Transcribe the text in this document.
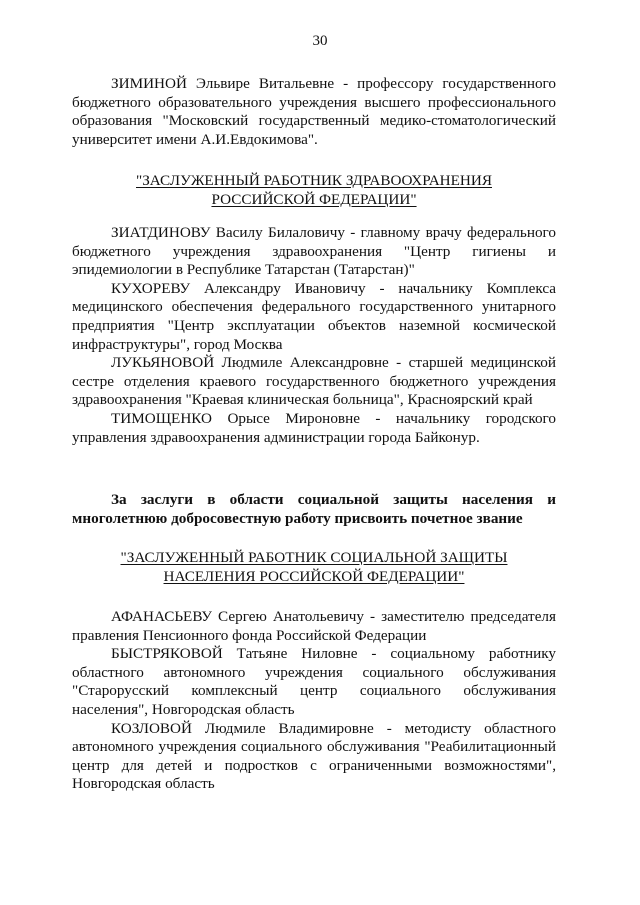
30
ЗИМИНОЙ Эльвире Витальевне - профессору государственного бюджетного образовательного учреждения высшего профессионального образования "Московский государственный медико-стоматологический университет имени А.И.Евдокимова".
"ЗАСЛУЖЕННЫЙ РАБОТНИК ЗДРАВООХРАНЕНИЯ
РОССИЙСКОЙ ФЕДЕРАЦИИ"
ЗИАТДИНОВУ Василу Билаловичу - главному врачу федерального бюджетного учреждения здравоохранения "Центр гигиены и эпидемиологии в Республике Татарстан (Татарстан)"
КУХОРЕВУ Александру Ивановичу - начальнику Комплекса медицинского обеспечения федерального государственного унитарного предприятия "Центр эксплуатации объектов наземной космической инфраструктуры", город Москва
ЛУКЬЯНОВОЙ Людмиле Александровне - старшей медицинской сестре отделения краевого государственного бюджетного учреждения здравоохранения "Краевая клиническая больница", Красноярский край
ТИМОЩЕНКО Орысе Мироновне - начальнику городского управления здравоохранения администрации города Байконур.
За заслуги в области социальной защиты населения и многолетнюю добросовестную работу присвоить почетное звание
"ЗАСЛУЖЕННЫЙ РАБОТНИК СОЦИАЛЬНОЙ ЗАЩИТЫ
НАСЕЛЕНИЯ РОССИЙСКОЙ ФЕДЕРАЦИИ"
АФАНАСЬЕВУ Сергею Анатольевичу - заместителю председателя правления Пенсионного фонда Российской Федерации
БЫСТРЯКОВОЙ Татьяне Ниловне - социальному работнику областного автономного учреждения социального обслуживания "Старорусский комплексный центр социального обслуживания населения", Новгородская область
КОЗЛОВОЙ Людмиле Владимировне - методисту областного автономного учреждения социального обслуживания "Реабилитационный центр для детей и подростков с ограниченными возможностями", Новгородская область
